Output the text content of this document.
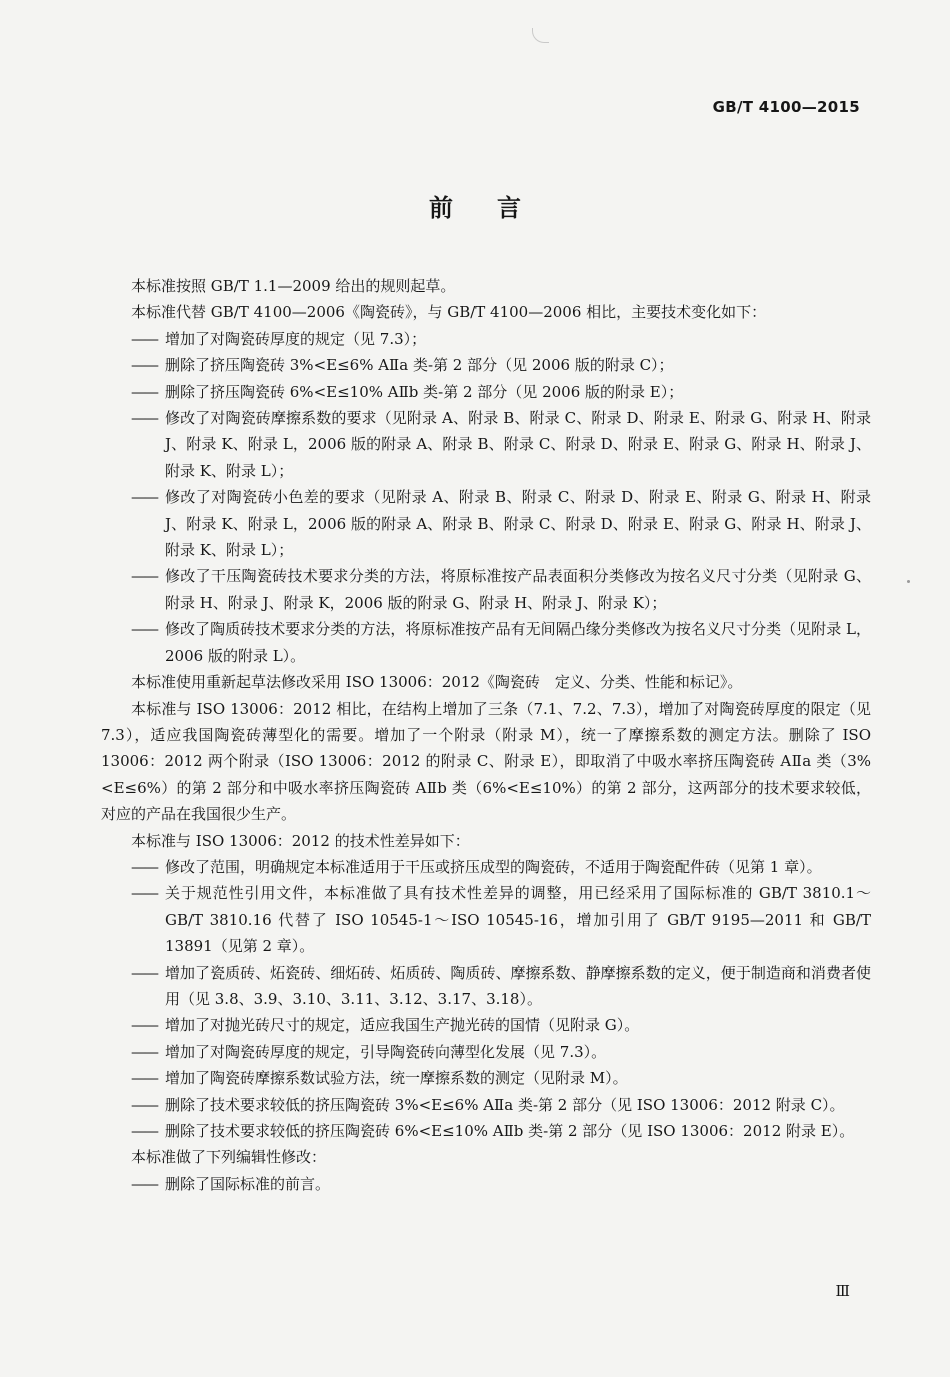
GB/T 4100—2015
前言

本标准按照 GB/T 1.1—2009 给出的规则起草。

本标准代替 GB/T 4100—2006《陶瓷砖》，与 GB/T 4100—2006 相比，主要技术变化如下：

—— 增加了对陶瓷砖厚度的规定（见 7.3）；
—— 删除了挤压陶瓷砖 3%<E≤6% AⅡa 类-第 2 部分（见 2006 版的附录 C）；
—— 删除了挤压陶瓷砖 6%<E≤10% AⅡb 类-第 2 部分（见 2006 版的附录 E）；
—— 修改了对陶瓷砖摩擦系数的要求（见附录 A、附录 B、附录 C、附录 D、附录 E、附录 G、附录 H、附录 J、附录 K、附录 L，2006 版的附录 A、附录 B、附录 C、附录 D、附录 E、附录 G、附录 H、附录 J、附录 K、附录 L）；
—— 修改了对陶瓷砖小色差的要求（见附录 A、附录 B、附录 C、附录 D、附录 E、附录 G、附录 H、附录 J、附录 K、附录 L，2006 版的附录 A、附录 B、附录 C、附录 D、附录 E、附录 G、附录 H、附录 J、附录 K、附录 L）；
—— 修改了干压陶瓷砖技术要求分类的方法，将原标准按产品表面积分类修改为按名义尺寸分类（见附录 G、附录 H、附录 J、附录 K，2006 版的附录 G、附录 H、附录 J、附录 K）；
—— 修改了陶质砖技术要求分类的方法，将原标准按产品有无间隔凸缘分类修改为按名义尺寸分类（见附录 L，2006 版的附录 L）。

本标准使用重新起草法修改采用 ISO 13006：2012《陶瓷砖　定义、分类、性能和标记》。

本标准与 ISO 13006：2012 相比，在结构上增加了三条（7.1、7.2、7.3），增加了对陶瓷砖厚度的限定（见 7.3），适应我国陶瓷砖薄型化的需要。增加了一个附录（附录 M），统一了摩擦系数的测定方法。删除了 ISO 13006：2012 两个附录（ISO 13006：2012 的附录 C、附录 E），即取消了中吸水率挤压陶瓷砖 AⅡa 类（3%<E≤6%）的第 2 部分和中吸水率挤压陶瓷砖 AⅡb 类（6%<E≤10%）的第 2 部分，这两部分的技术要求较低，对应的产品在我国很少生产。

本标准与 ISO 13006：2012 的技术性差异如下：

—— 修改了范围，明确规定本标准适用于干压或挤压成型的陶瓷砖，不适用于陶瓷配件砖（见第 1 章）。
—— 关于规范性引用文件，本标准做了具有技术性差异的调整，用已经采用了国际标准的 GB/T 3810.1～GB/T 3810.16 代替了 ISO 10545-1～ISO 10545-16，增加引用了 GB/T 9195—2011 和 GB/T 13891（见第 2 章）。
—— 增加了瓷质砖、炻瓷砖、细炻砖、炻质砖、陶质砖、摩擦系数、静摩擦系数的定义，便于制造商和消费者使用（见 3.8、3.9、3.10、3.11、3.12、3.17、3.18）。
—— 增加了对抛光砖尺寸的规定，适应我国生产抛光砖的国情（见附录 G）。
—— 增加了对陶瓷砖厚度的规定，引导陶瓷砖向薄型化发展（见 7.3）。
—— 增加了陶瓷砖摩擦系数试验方法，统一摩擦系数的测定（见附录 M）。
—— 删除了技术要求较低的挤压陶瓷砖 3%<E≤6% AⅡa 类-第 2 部分（见 ISO 13006：2012 附录 C）。
—— 删除了技术要求较低的挤压陶瓷砖 6%<E≤10% AⅡb 类-第 2 部分（见 ISO 13006：2012 附录 E）。

本标准做了下列编辑性修改：

—— 删除了国际标准的前言。
Ⅲ
